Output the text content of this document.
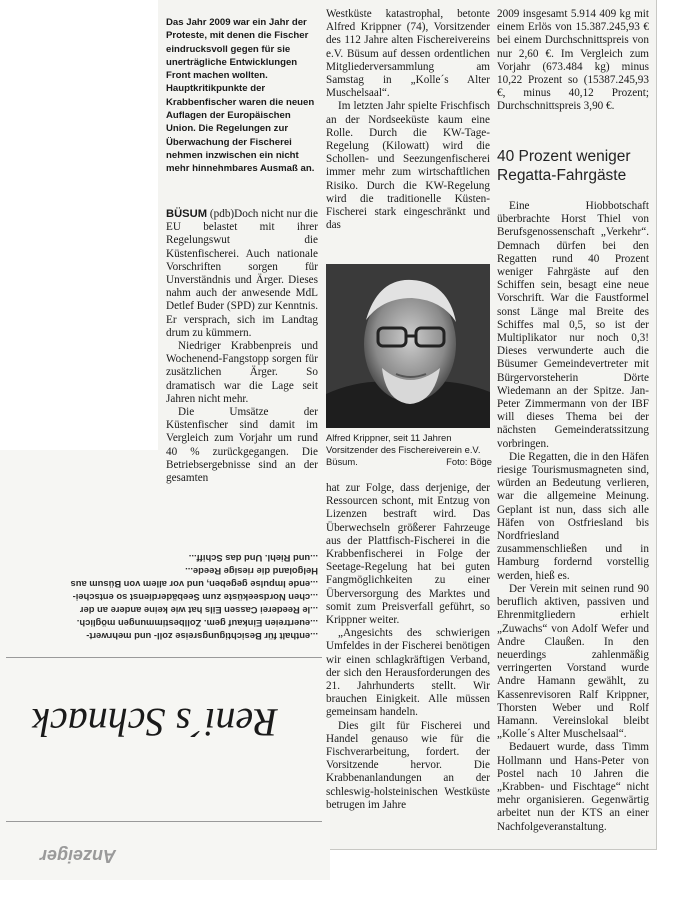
Anzeiger
Reni´s Schnack
...enthalt für Besichtigungsreise zoll- und mehrwert-
...euertreien Einkauf gem. Zollbestimmungen möglich.
...le Reederei Cassen Eils hat wie keine andere an der
...chen Nordseeküste zum Seebäderdienst so entschei-
...ende Impulse gegeben, und vor allem von Büsum aus
Helgoland die riesige Reede...
...und Riehl. Und das Schiff...
Das Jahr 2009 war ein Jahr der Proteste, mit denen die Fischer eindrucksvoll gegen für sie unerträgliche Entwicklungen Front machen wollten. Hauptkritikpunkte der Krabbenfischer waren die neuen Auflagen der Europäischen Union. Die Regelungen zur Überwachung der Fischerei nehmen inzwischen ein nicht mehr hinnehmbares Ausmaß an.

BÜSUM (pdb)Doch nicht nur die EU belastet mit ihrer Regelungswut die Küstenfischerei. Auch nationale Vorschriften sorgen für Unverständnis und Ärger. Dieses nahm auch der anwesende MdL Detlef Buder (SPD) zur Kenntnis. Er versprach, sich im Landtag drum zu kümmern.

Niedriger Krabbenpreis und Wochenend-Fangstopp sorgen für zusätzlichen Ärger. So dramatisch war die Lage seit Jahren nicht mehr.

Die Umsätze der Küstenfischer sind damit im Vergleich zum Vorjahr um rund 40 % zurückgegangen. Die Betriebsergebnisse sind an der gesamten

Westküste katastrophal, betonte Alfred Krippner (74), Vorsitzender des 112 Jahre alten Fischereivereins e.V. Büsum auf dessen ordentlichen Mitgliederversammlung am Samstag in „Kolle´s Alter Muschelsaal“.

Im letzten Jahr spielte Frischfisch an der Nordseeküste kaum eine Rolle. Durch die KW-Tage-Regelung (Kilowatt) wird die Schollen- und Seezungenfischerei immer mehr zum wirtschaftlichen Risiko. Durch die KW-Regelung wird die traditionelle Küsten-Fischerei stark eingeschränkt und das

Alfred Krippner, seit 11 Jahren Vorsitzender des Fischereiverein e.V. Büsum.	Foto: Böge

hat zur Folge, dass derjenige, der Ressourcen schont, mit Entzug von Lizenzen bestraft wird. Das Überwechseln größerer Fahrzeuge aus der Plattfisch-Fischerei in die Krabbenfischerei in Folge der Seetage-Regelung hat bei guten Fangmöglichkeiten zu einer Überversorgung des Marktes und somit zum Preisverfall geführt, so Krippner weiter.

„Angesichts des schwierigen Umfeldes in der Fischerei benötigen wir einen schlagkräftigen Verband, der sich den Herausforderungen des 21. Jahrhunderts stellt. Wir brauchen Einigkeit. Alle müssen gemeinsam handeln.

Dies gilt für Fischerei und Handel genauso wie für die Fischverarbeitung, fordert. der Vorsitzende hervor. Die Krabbenanlandungen an der schleswig-holsteinischen Westküste betrugen im Jahre

2009 insgesamt 5.914 409 kg mit einem Erlös von 15.387.245,93 € bei einem Durchschnittspreis von nur 2,60 €. Im Vergleich zum Vorjahr (673.484 kg) minus 10,22 Prozent so (15387.245,93 €, minus 40,12 Prozent; Durchschnittspreis 3,90 €.

40 Prozent weniger Regatta-Fahrgäste

Eine Hiobbotschaft überbrachte Horst Thiel von Berufsgenossenschaft „Verkehr“. Demnach dürfen bei den Regatten rund 40 Prozent weniger Fahrgäste auf den Schiffen sein, besagt eine neue Vorschrift. War die Faustformel sonst Länge mal Breite des Schiffes mal 0,5, so ist der Multiplikator nur noch 0,3! Dieses verwunderte auch die Büsumer Gemeindevertreter mit Bürgervorsteherin Dörte Wiedemann an der Spitze. Jan-Peter Zimmermann von der IBF will dieses Thema bei der nächsten Gemeinderatssitzung vorbringen.

Die Regatten, die in den Häfen riesige Tourismusmagneten sind, würden an Bedeutung verlieren, war die allgemeine Meinung. Geplant ist nun, dass sich alle Häfen von Ostfriesland bis Nordfriesland zusammenschließen und in Hamburg fordernd vorstellig werden, hieß es.

Der Verein mit seinen rund 90 beruflich aktiven, passiven und Ehrenmitgliedern erhielt „Zuwachs“ von Adolf Wefer und Andre Claußen. In den neuerdings zahlenmäßig verringerten Vorstand wurde Andre Hamann gewählt, zu Kassenrevisoren Ralf Krippner, Thorsten Weber und Rolf Hamann. Vereinslokal bleibt „Kolle´s Alter Muschelsaal“.

Bedauert wurde, dass Timm Hollmann und Hans-Peter von Postel nach 10 Jahren die „Krabben- und Fischtage“ nicht mehr organisieren. Gegenwärtig arbeitet nun der KTS an einer Nachfolgeveranstaltung.
